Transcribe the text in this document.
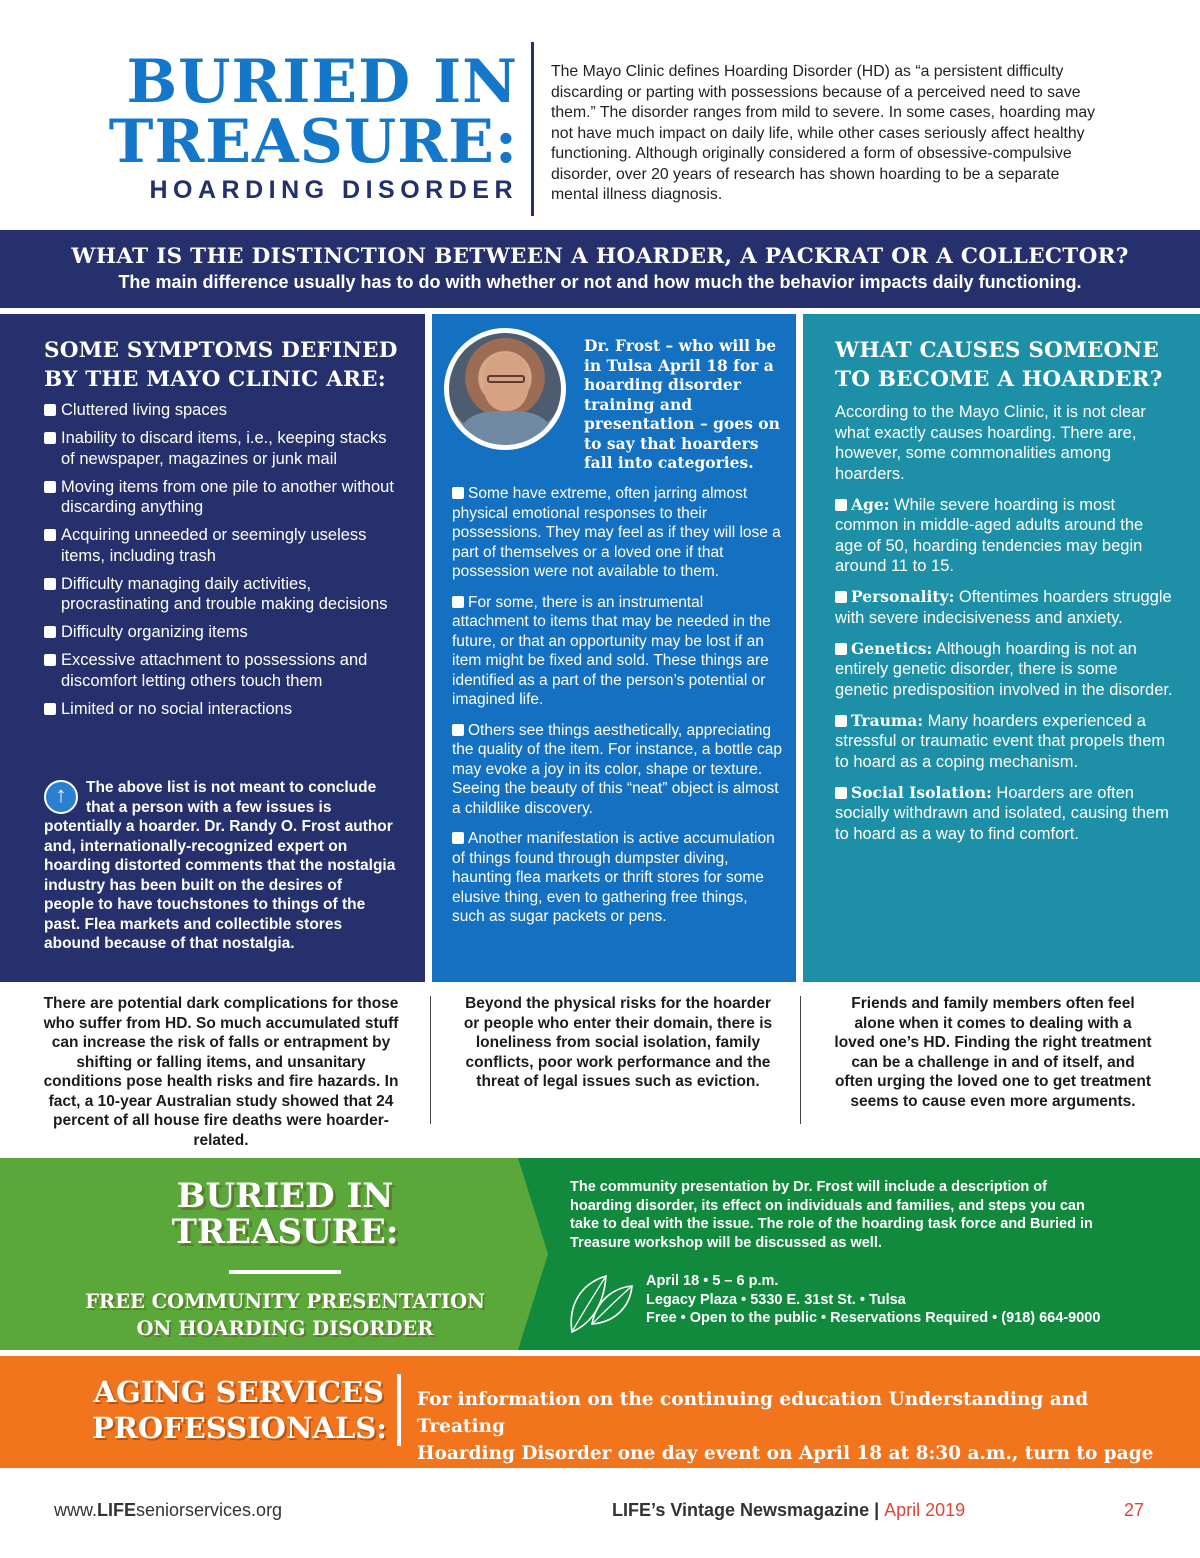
BURIED IN
TREASURE:
HOARDING DISORDER

The Mayo Clinic defines Hoarding Disorder (HD) as “a persistent difficulty discarding or parting with possessions because of a perceived need to save them.” The disorder ranges from mild to severe. In some cases, hoarding may not have much impact on daily life, while other cases seriously affect healthy functioning. Although originally considered a form of obsessive-compulsive disorder, over 20 years of research has shown hoarding to be a separate mental illness diagnosis.

WHAT IS THE DISTINCTION BETWEEN A HOARDER, A PACKRAT OR A COLLECTOR?
The main difference usually has to do with whether or not and how much the behavior impacts daily functioning.
SOME SYMPTOMS DEFINED BY THE MAYO CLINIC ARE:
Cluttered living spaces
Inability to discard items, i.e., keeping stacks of newspaper, magazines or junk mail
Moving items from one pile to another without discarding anything
Acquiring unneeded or seemingly useless items, including trash
Difficulty managing daily activities, procrastinating and trouble making decisions
Difficulty organizing items
Excessive attachment to possessions and discomfort letting others touch them
Limited or no social interactions

↑	The above list is not meant to conclude that a person with a few issues is potentially a hoarder. Dr. Randy O. Frost author and, internationally-recognized expert on hoarding distorted comments that the nostalgia industry has been built on the desires of people to have touchstones to things of the past. Flea markets and collectible stores abound because of that nostalgia.

Dr. Frost – who will be in Tulsa April 18 for a hoarding disorder training and presentation – goes on to say that hoarders fall into categories.

Some have extreme, often jarring almost physical emotional responses to their possessions. They may feel as if they will lose a part of themselves or a loved one if that possession were not available to them.

For some, there is an instrumental attachment to items that may be needed in the future, or that an opportunity may be lost if an item might be fixed and sold. These things are identified as a part of the person’s potential or imagined life.

Others see things aesthetically, appreciating the quality of the item. For instance, a bottle cap may evoke a joy in its color, shape or texture. Seeing the beauty of this “neat” object is almost a childlike discovery.

Another manifestation is active accumulation of things found through dumpster diving, haunting flea markets or thrift stores for some elusive thing, even to gathering free things, such as sugar packets or pens.

WHAT CAUSES SOMEONE TO BECOME A HOARDER?

According to the Mayo Clinic, it is not clear what exactly causes hoarding. There are, however, some commonalities among hoarders.

Age: While severe hoarding is most common in middle-aged adults around the age of 50, hoarding tendencies may begin around 11 to 15.

Personality: Oftentimes hoarders struggle with severe indecisiveness and anxiety.

Genetics: Although hoarding is not an entirely genetic disorder, there is some genetic predisposition involved in the disorder.

Trauma: Many hoarders experienced a stressful or traumatic event that propels them to hoard as a coping mechanism.

Social Isolation: Hoarders are often socially withdrawn and isolated, causing them to hoard as a way to find comfort.

There are potential dark complications for those who suffer from HD. So much accumulated stuff can increase the risk of falls or entrapment by shifting or falling items, and unsanitary conditions pose health risks and fire hazards. In fact, a 10-year Australian study showed that 24 percent of all house fire deaths were hoarder-related.

Beyond the physical risks for the hoarder or people who enter their domain, there is loneliness from social isolation, family conflicts, poor work performance and the threat of legal issues such as eviction.

Friends and family members often feel alone when it comes to dealing with a loved one’s HD. Finding the right treatment can be a challenge in and of itself, and often urging the loved one to get treatment seems to cause even more arguments.

BURIED IN
TREASURE:
FREE COMMUNITY PRESENTATION
ON HOARDING DISORDER

The community presentation by Dr. Frost will include a description of hoarding disorder, its effect on individuals and families, and steps you can take to deal with the issue. The role of the hoarding task force and Buried in Treasure workshop will be discussed as well.

April 18 • 5 – 6 p.m.
Legacy Plaza • 5330 E. 31st St. • Tulsa
Free • Open to the public • Reservations Required • (918) 664-9000
AGING SERVICES
PROFESSIONALS:
For information on the continuing education Understanding and Treating
Hoarding Disorder one day event on April 18 at 8:30 a.m., turn to page 21.
www.LIFEseniorservices.org	LIFE’s Vintage Newsmagazine | April 2019	27
